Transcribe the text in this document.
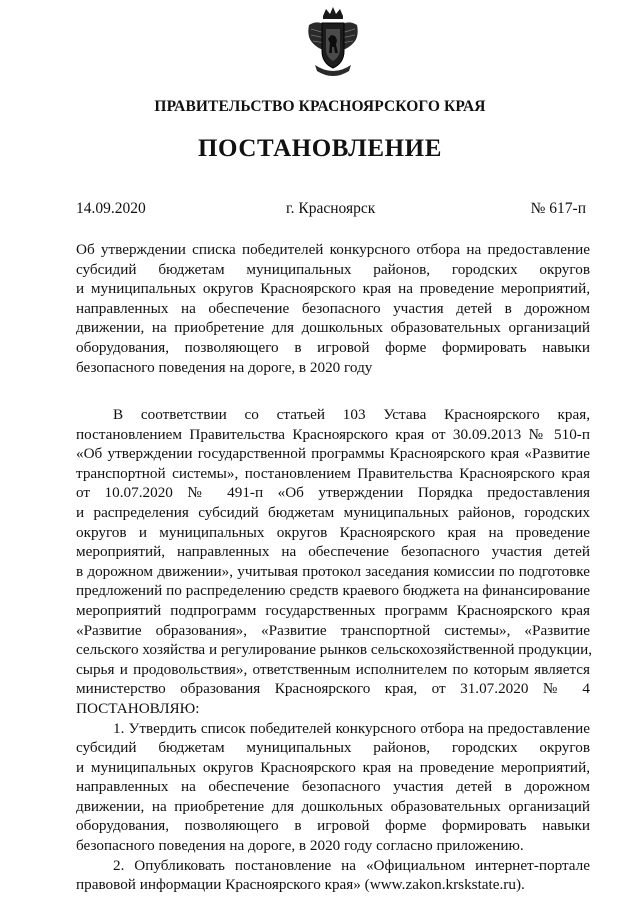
ПРАВИТЕЛЬСТВО КРАСНОЯРСКОГО КРАЯ
ПОСТАНОВЛЕНИЕ
14.09.2020	г. Красноярск	№ 617-п
Об утверждении списка победителей конкурсного отбора на предоставление
субсидий бюджетам муниципальных районов, городских округов
и муниципальных округов Красноярского края на проведение мероприятий,
направленных на обеспечение безопасного участия детей в дорожном
движении, на приобретение для дошкольных образовательных организаций
оборудования, позволяющего в игровой форме формировать навыки
безопасного поведения на дороге, в 2020 году
В соответствии со статьей 103 Устава Красноярского края,
постановлением Правительства Красноярского края от 30.09.2013 № 510-п
«Об утверждении государственной программы Красноярского края «Развитие
транспортной системы», постановлением Правительства Красноярского края
от 10.07.2020 № 491-п «Об утверждении Порядка предоставления
и распределения субсидий бюджетам муниципальных районов, городских
округов и муниципальных округов Красноярского края на проведение
мероприятий, направленных на обеспечение безопасного участия детей
в дорожном движении», учитывая протокол заседания комиссии по подготовке
предложений по распределению средств краевого бюджета на финансирование
мероприятий подпрограмм государственных программ Красноярского края
«Развитие образования», «Развитие транспортной системы», «Развитие
сельского хозяйства и регулирование рынков сельскохозяйственной продукции,
сырья и продовольствия», ответственным исполнителем по которым является
министерство образования Красноярского края, от 31.07.2020 № 4
ПОСТАНОВЛЯЮ:
1. Утвердить список победителей конкурсного отбора на предоставление
субсидий бюджетам муниципальных районов, городских округов
и муниципальных округов Красноярского края на проведение мероприятий,
направленных на обеспечение безопасного участия детей в дорожном
движении, на приобретение для дошкольных образовательных организаций
оборудования, позволяющего в игровой форме формировать навыки
безопасного поведения на дороге, в 2020 году согласно приложению.
2. Опубликовать постановление на «Официальном интернет-портале
правовой информации Красноярского края» (www.zakon.krskstate.ru).
